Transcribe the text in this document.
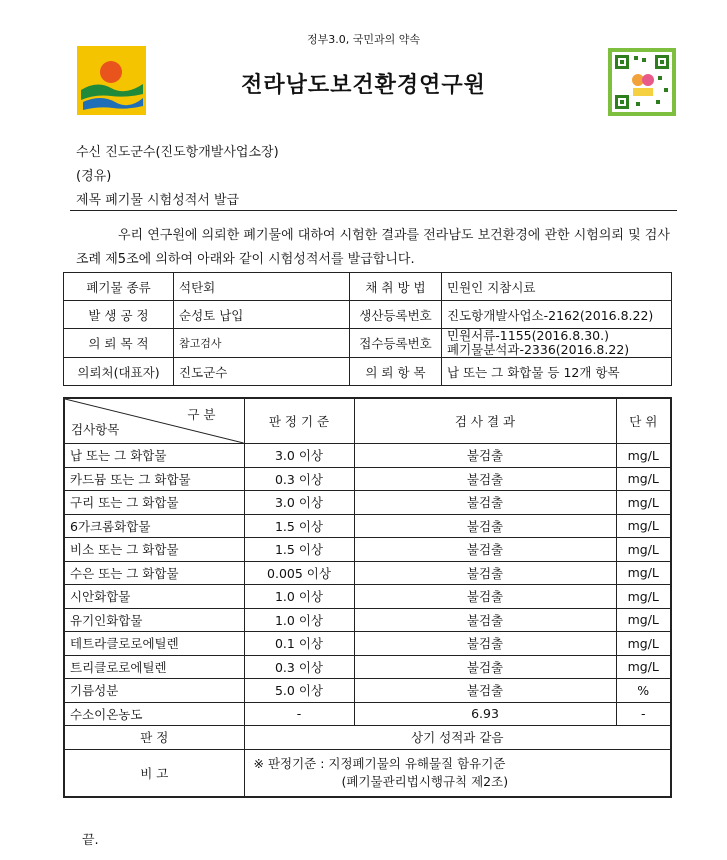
정부3.0, 국민과의 약속
전라남도보건환경연구원
수신 진도군수(진도항개발사업소장)
(경유)
제목 폐기물 시험성적서 발급
우리 연구원에 의뢰한 폐기물에 대하여 시험한 결과를 전라남도 보건환경에 관한 시험의뢰 및 검사 조례 제5조에 의하여 아래와 같이 시험성적서를 발급합니다.
폐기물 종류	석탄회	채 취 방 법	민원인 지참시료
발 생 공 정	순성토 납입	생산등록번호	진도항개발사업소-2162(2016.8.22)
의 뢰 목 적	참고검사	접수등록번호	민원서류-1155(2016.8.30.)
폐기물분석과-2336(2016.8.22)

의뢰처(대표자)	진도군수	의 뢰 항 목	납 또는 그 화합물 등 12개 항목
구 분
검사항목	판 정 기 준	검 사 결 과	단 위
납 또는 그 화합물	3.0 이상	불검출	mg/L
카드뮴 또는 그 화합물	0.3 이상	불검출	mg/L
구리 또는 그 화합물	3.0 이상	불검출	mg/L
6가크롬화합물	1.5 이상	불검출	mg/L
비소 또는 그 화합물	1.5 이상	불검출	mg/L
수은 또는 그 화합물	0.005 이상	불검출	mg/L
시안화합물	1.0 이상	불검출	mg/L
유기인화합물	1.0 이상	불검출	mg/L
테트라클로로에틸렌	0.1 이상	불검출	mg/L
트리클로로에틸렌	0.3 이상	불검출	mg/L
기름성분	5.0 이상	불검출	%
수소이온농도	-	6.93	-
판 정	상기 성적과 같음		
비 고	※ 판정기준 : 지정폐기물의 유해물질 함유기준
(폐기물관리법시행규칙 제2조)		
끝.
